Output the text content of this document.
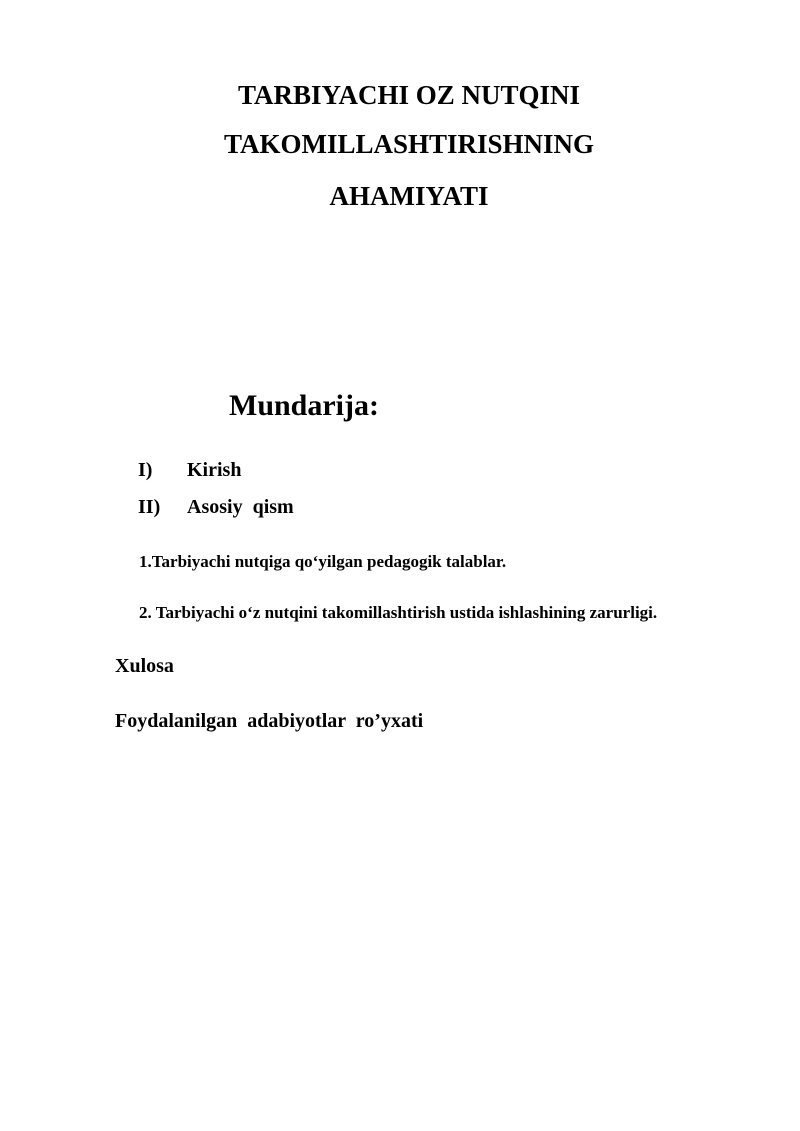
TARBIYACHI OZ NUTQINI
TAKOMILLASHTIRISHNING
AHAMIYATI
Mundarija:
I) Kirish
II) Asosiy  qism
1.Tarbiyachi nutqiga qo‘yilgan pedagogik talablar.
2. Tarbiyachi o‘z nutqini takomillashtirish ustida ishlashining zarurligi.
Xulosa
Foydalanilgan  adabiyotlar  ro’yxati
